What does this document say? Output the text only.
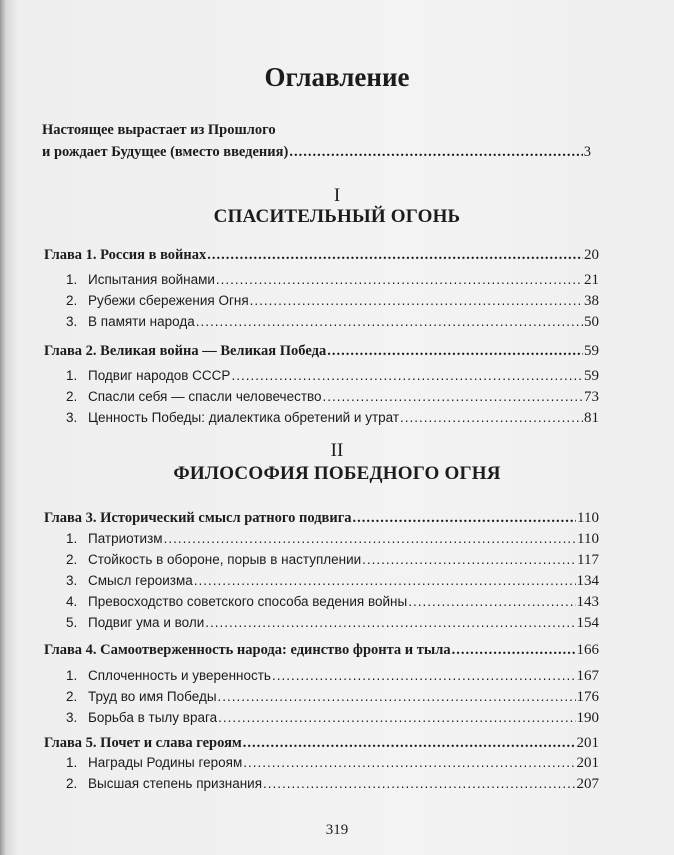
Оглавление
Настоящее вырастает из Прошлого
и рождает Будущее (вместо введения) .....	3
I
СПАСИТЕЛЬНЫЙ ОГОНЬ
II
ФИЛОСОФИЯ ПОБЕДНОГО ОГНЯ
Глава 1. Россия в войнах .....	20
1. Испытания войнами .....	21
2. Рубежи сбережения Огня .....	38
3. В памяти народа .....	50
Глава 2. Великая война — Великая Победа .....	59
1. Подвиг народов СССР .....	59
2. Спасли себя — спасли человечество .....	73
3. Ценность Победы: диалектика обретений и утрат .....	81
Глава 3. Исторический смысл ратного подвига .....	110
1. Патриотизм .....	110
2. Стойкость в обороне, порыв в наступлении .....	117
3. Смысл героизма .....	134
4. Превосходство советского способа ведения войны .....	143
5. Подвиг ума и воли .....	154
Глава 4. Самоотверженность народа: единство фронта и тыла .....	166
1. Сплоченность и уверенность .....	167
2. Труд во имя Победы .....	176
3. Борьба в тылу врага .....	190
Глава 5. Почет и слава героям .....	201
1. Награды Родины героям .....	201
2. Высшая степень признания .....	207
319
